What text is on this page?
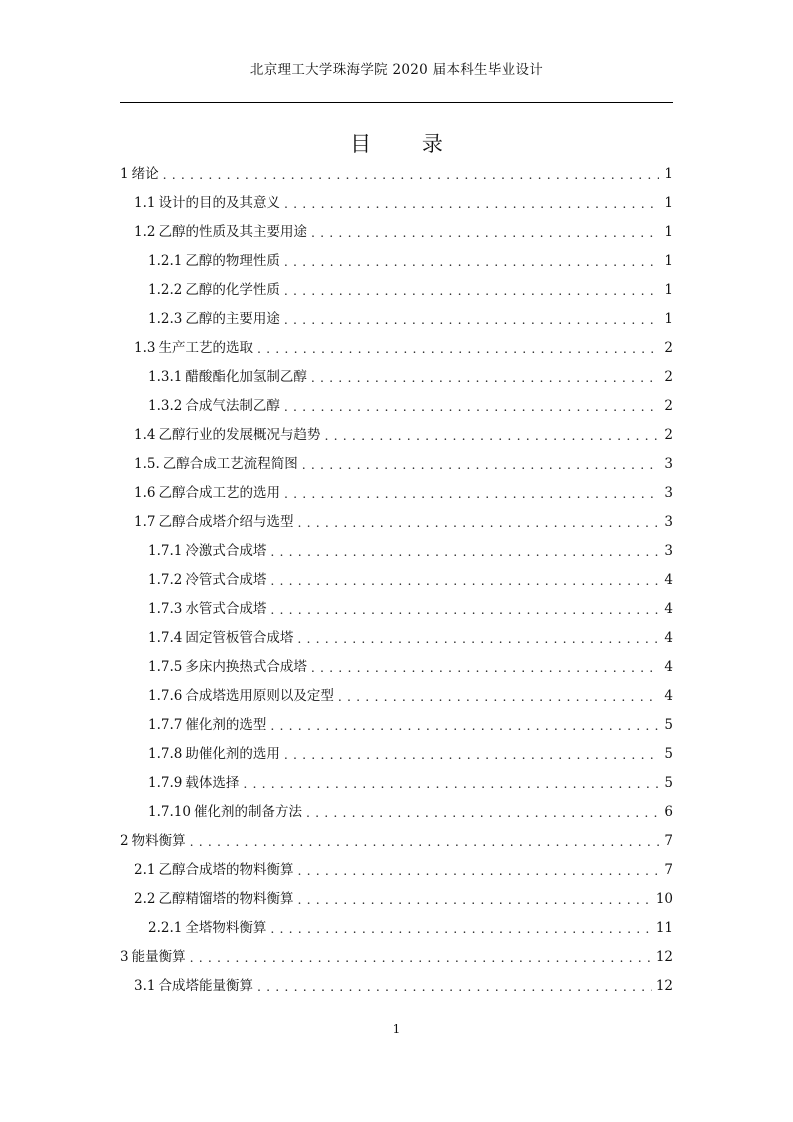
北京理工大学珠海学院 2020 届本科生毕业设计
目 录
1 绪论 . . .	1
1.1 设计的目的及其意义 . . .	1
1.2 乙醇的性质及其主要用途 . . .	1
1.2.1 乙醇的物理性质 . . .	1
1.2.2 乙醇的化学性质 . . .	1
1.2.3 乙醇的主要用途 . . .	1
1.3 生产工艺的选取 . . .	2
1.3.1 醋酸酯化加氢制乙醇 . . .	2
1.3.2 合成气法制乙醇 . . .	2
1.4 乙醇行业的发展概况与趋势 . . .	2
1.5. 乙醇合成工艺流程简图 . . .	3
1.6 乙醇合成工艺的选用 . . .	3
1.7 乙醇合成塔介绍与选型 . . .	3
1.7.1 冷激式合成塔 . . .	3
1.7.2 冷管式合成塔 . . .	4
1.7.3 水管式合成塔 . . .	4
1.7.4 固定管板管合成塔 . . .	4
1.7.5 多床内换热式合成塔 . . .	4
1.7.6 合成塔选用原则以及定型 . . .	4
1.7.7 催化剂的选型 . . .	5
1.7.8 助催化剂的选用 . . .	5
1.7.9 载体选择 . . .	5
1.7.10 催化剂的制备方法 . . .	6
2 物料衡算 . . .	7
2.1 乙醇合成塔的物料衡算 . . .	7
2.2 乙醇精馏塔的物料衡算 . . .	10
2.2.1 全塔物料衡算 . . .	11
3 能量衡算 . . .	12
3.1 合成塔能量衡算 . . .	12
1
